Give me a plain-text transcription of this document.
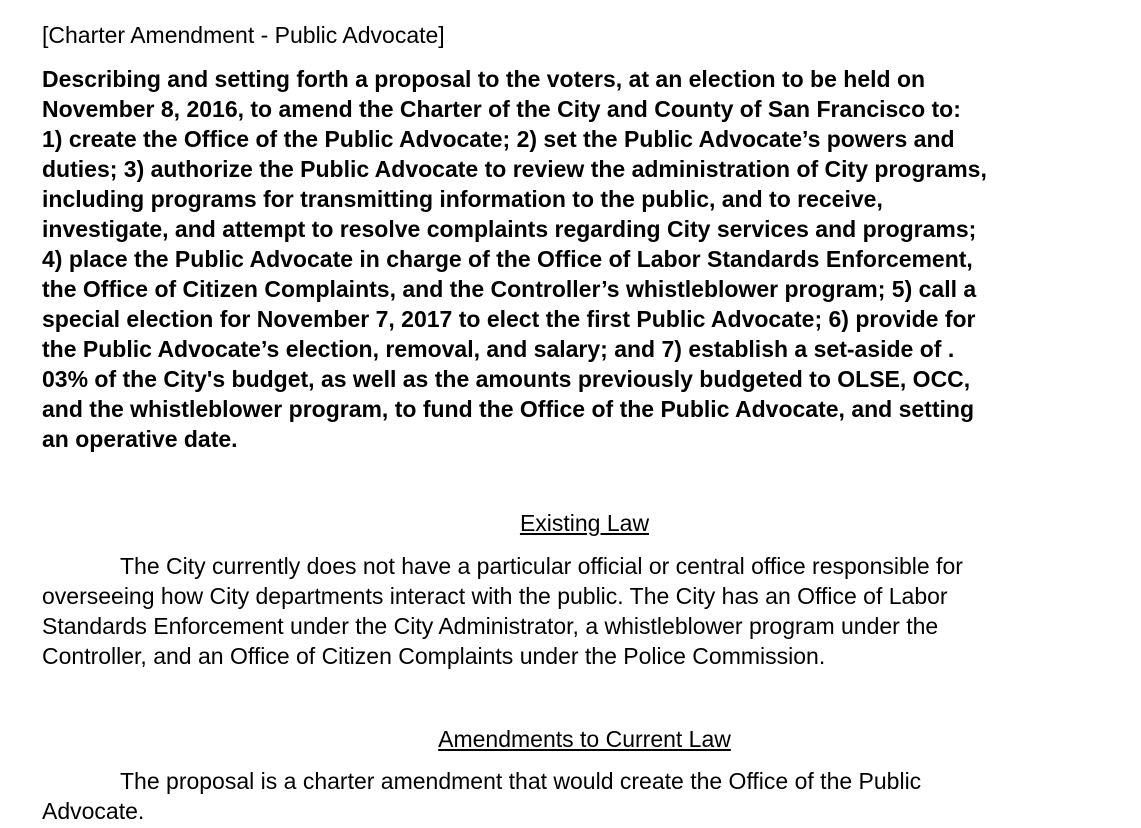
[Charter Amendment - Public Advocate]

Describing and setting forth a proposal to the voters, at an election to be held on
November 8, 2016, to amend the Charter of the City and County of San Francisco to:
1) create the Office of the Public Advocate; 2) set the Public Advocate’s powers and
duties; 3) authorize the Public Advocate to review the administration of City programs,
including programs for transmitting information to the public, and to receive,
investigate, and attempt to resolve complaints regarding City services and programs;
4) place the Public Advocate in charge of the Office of Labor Standards Enforcement,
the Office of Citizen Complaints, and the Controller’s whistleblower program; 5) call a
special election for November 7, 2017 to elect the first Public Advocate; 6) provide for
the Public Advocate’s election, removal, and salary; and 7) establish a set-aside of .
03% of the City's budget, as well as the amounts previously budgeted to OLSE, OCC,
and the whistleblower program, to fund the Office of the Public Advocate, and setting
an operative date.

Existing Law

The City currently does not have a particular official or central office responsible for
overseeing how City departments interact with the public. The City has an Office of Labor
Standards Enforcement under the City Administrator, a whistleblower program under the
Controller, and an Office of Citizen Complaints under the Police Commission.

Amendments to Current Law

The proposal is a charter amendment that would create the Office of the Public
Advocate.
